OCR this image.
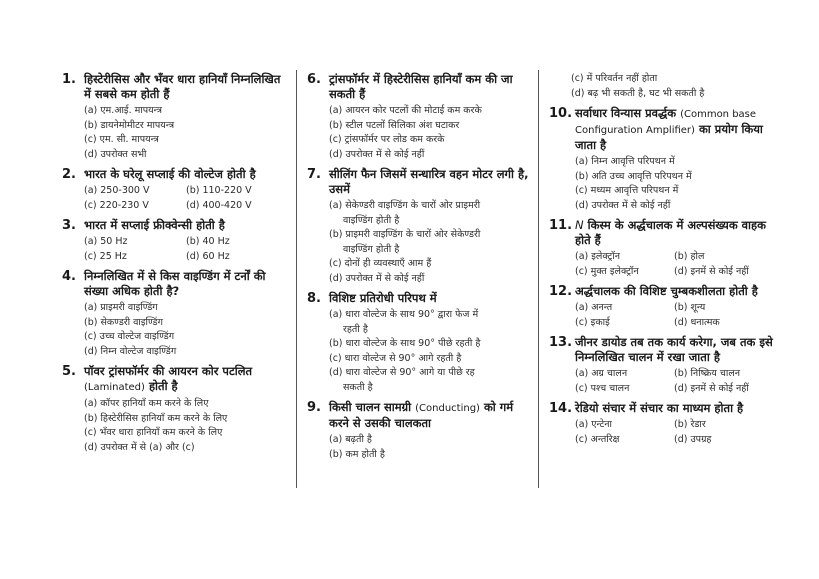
1. हिस्टेरीसिस और भँवर धारा हानियाँ निम्नलिखित में सबसे कम होती हैं
(a) एम.आई. मापयन्त्र
(b) डायनेमोमीटर मापयन्त्र
(c) एम. सी. मापयन्त्र
(d) उपरोक्त सभी
2. भारत के घरेलू सप्लाई की वोल्टेज होती है
(a) 250-300 V	(b) 110-220 V
(c) 220-230 V	(d) 400-420 V
3. भारत में सप्लाई फ्रीक्वेन्सी होती है
(a) 50 Hz	(b) 40 Hz
(c) 25 Hz	(d) 60 Hz
4. निम्नलिखित में से किस वाइण्डिंग में टर्नों की संख्या अधिक होती है?
(a) प्राइमरी वाइण्डिंग
(b) सेकण्डरी वाइण्डिंग
(c) उच्च वोल्टेज वाइण्डिंग
(d) निम्न वोल्टेज वाइण्डिंग
5. पॉवर ट्रांसफॉर्मर की आयरन कोर पटलित (Laminated) होती है
(a) कॉपर हानियाँ कम करने के लिए
(b) हिस्टेरीसिस हानियाँ कम करने के लिए
(c) भँवर धारा हानियाँ कम करने के लिए
(d) उपरोक्त में से (a) और (c)
6. ट्रांसफॉर्मर में हिस्टेरीसिस हानियाँ कम की जा सकती हैं
(a) आयरन कोर पटलों की मोटाई कम करके
(b) स्टील पटलों सिलिका अंश घटाकर
(c) ट्रांसफॉर्मर पर लोड कम करके
(d) उपरोक्त में से कोई नहीं
7. सीलिंग फैन जिसमें सन्धारित्र वहन मोटर लगी है, उसमें
(a) सेकेण्डरी वाइण्डिंग के चारों ओर प्राइमरी
वाइण्डिंग होती है
(b) प्राइमरी वाइण्डिंग के चारों ओर सेकेण्डरी
वाइण्डिंग होती है
(c) दोनों ही व्यवस्थाएँ आम हैं
(d) उपरोक्त में से कोई नहीं
8. विशिष्ट प्रतिरोधी परिपथ में
(a) धारा वोल्टेज के साथ 90° द्वारा फेज में
रहती है
(b) धारा वोल्टेज के साथ 90° पीछे रहती है
(c) धारा वोल्टेज से 90° आगे रहती है
(d) धारा वोल्टेज से 90° आगे या पीछे रह
सकती है
9. किसी चालन सामग्री (Conducting) को गर्म करने से उसकी चालकता
(a) बढ़ती है
(b) कम होती है
(c) में परिवर्तन नहीं होता
(d) बढ़ भी सकती है, घट भी सकती है
10. सर्वाधार विन्यास प्रवर्द्धक (Common base Configuration Amplifier) का प्रयोग किया जाता है
(a) निम्न आवृत्ति परिपथन में
(b) अति उच्च आवृत्ति परिपथन में
(c) मध्यम आवृत्ति परिपथन में
(d) उपरोक्त में से कोई नहीं
11. N किस्म के अर्द्धचालक में अल्पसंख्यक वाहक होते हैं
(a) इलेक्ट्रॉन	(b) होल
(c) मुक्त इलेक्ट्रॉन	(d) इनमें से कोई नहीं
12. अर्द्धचालक की विशिष्ट चुम्बकशीलता होती है
(a) अनन्त	(b) शून्य
(c) इकाई	(d) धनात्मक
13. जीनर डायोड तब तक कार्य करेगा, जब तक इसे निम्नलिखित चालन में रखा जाता है
(a) अग्र चालन	(b) निष्क्रिय चालन
(c) पश्च चालन	(d) इनमें से कोई नहीं
14. रेडियो संचार में संचार का माध्यम होता है
(a) एन्टेना	(b) रेडार
(c) अन्तरिक्ष	(d) उपग्रह
